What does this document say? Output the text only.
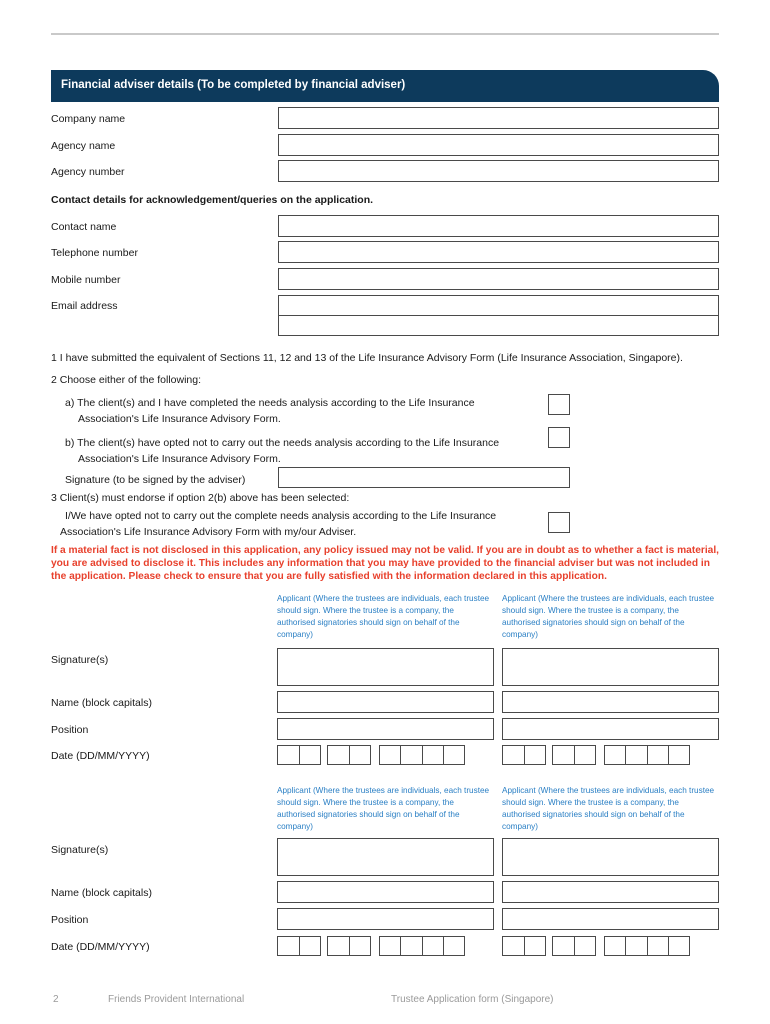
Financial adviser details (To be completed by financial adviser)
Company name
Agency name
Agency number
Contact details for acknowledgement/queries on the application.
Contact name
Telephone number
Mobile number
Email address
1 I have submitted the equivalent of Sections 11, 12 and 13 of the Life Insurance Advisory Form (Life Insurance Association, Singapore).
2 Choose either of the following:
a) The client(s) and I have completed the needs analysis according to the Life Insurance
Association's Life Insurance Advisory Form.
b) The client(s) have opted not to carry out the needs analysis according to the Life Insurance
Association's Life Insurance Advisory Form.
Signature (to be signed by the adviser)
3 Client(s) must endorse if option 2(b) above has been selected:
I/We have opted not to carry out the complete needs analysis according to the Life Insurance
Association's Life Insurance Advisory Form with my/our Adviser.
If a material fact is not disclosed in this application, any policy issued may not be valid. If you are in doubt as to whether a fact is material, you are advised to disclose it. This includes any information that you may have provided to the financial adviser but was not included in the application. Please check to ensure that you are fully satisfied with the information declared in this application.
Applicant (Where the trustees are individuals, each trustee should sign. Where the trustee is a company, the authorised signatories should sign on behalf of the company)
Applicant (Where the trustees are individuals, each trustee should sign. Where the trustee is a company, the authorised signatories should sign on behalf of the company)
Signature(s)
Name (block capitals)
Position
Date (DD/MM/YYYY)
Applicant (Where the trustees are individuals, each trustee should sign. Where the trustee is a company, the authorised signatories should sign on behalf of the company)
Applicant (Where the trustees are individuals, each trustee should sign. Where the trustee is a company, the authorised signatories should sign on behalf of the company)
Signature(s)
Name (block capitals)
Position
Date (DD/MM/YYYY)
2	Friends Provident International	Trustee Application form (Singapore)
